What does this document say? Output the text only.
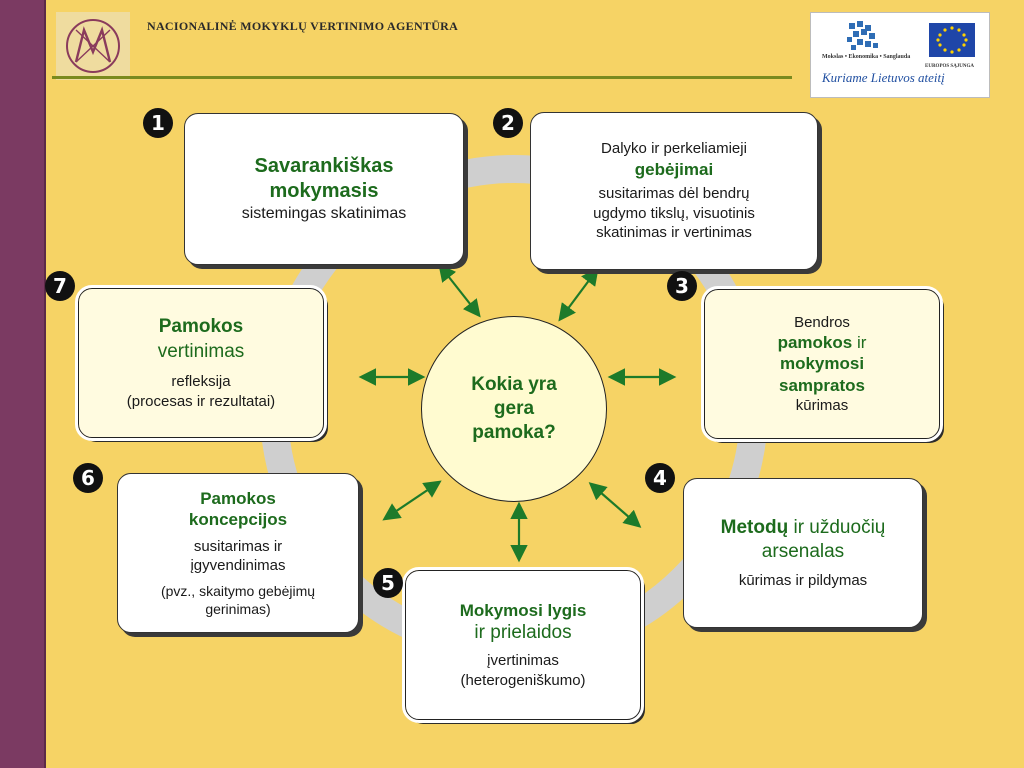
NACIONALINĖ MOKYKLŲ VERTINIMO AGENTŪRA
Mokslas • Ekonomika • Sanglauda
EUROPOS SĄJUNGA
Kuriame Lietuvos ateitį
Savarankiškas
mokymasis
sistemingas skatinimas
1
Dalyko ir perkeliamieji
gebėjimai
susitarimas dėl bendrų
ugdymo tikslų, visuotinis
skatinimas ir vertinimas
2
Bendros
pamokos ir
mokymosi
sampratos
kūrimas
3
Metodų ir užduočių
arsenalas
kūrimas ir pildymas
4
Mokymosi lygis
ir prielaidos
įvertinimas
(heterogeniškumo)
5
Pamokos
koncepcijos
susitarimas ir
įgyvendinimas
(pvz., skaitymo gebėjimų
gerinimas)
6
Pamokos
vertinimas
refleksija
(procesas ir rezultatai)
7
Kokia yra
gera
pamoka?
